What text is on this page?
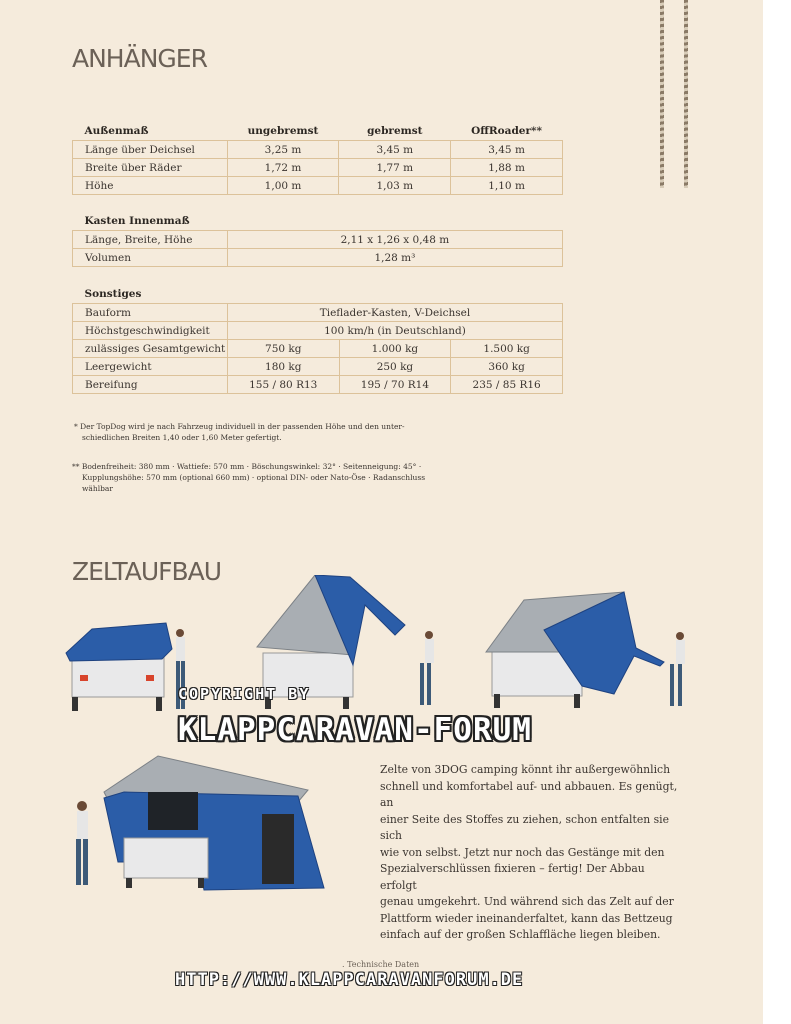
ANHÄNGER
Außenmaß	ungebremst	gebremst	OffRoader**
Länge über Deichsel	3,25 m	3,45 m	3,45 m
Breite über Räder	1,72 m	1,77 m	1,88 m
Höhe	1,00 m	1,03 m	1,10 m
Kasten Innenmaß	
Länge, Breite, Höhe	2,11 x 1,26 x 0,48 m
Volumen	1,28 m³
Sonstiges			
Bauform	Tieflader-Kasten, V-Deichsel		
Höchstgeschwindigkeit	100 km/h (in Deutschland)		
zulässiges Gesamtgewicht	750 kg	1.000 kg	1.500 kg
Leergewicht	180 kg	250 kg	360 kg
Bereifung	155 / 80 R13	195 / 70 R14	235 / 85 R16
* Der TopDog wird je nach Fahrzeug individuell in der passenden Höhe und den unter-
schiedlichen Breiten 1,40 oder 1,60 Meter gefertigt.
** Bodenfreiheit: 380 mm · Wattiefe: 570 mm · Böschungswinkel: 32° · Seitenneigung: 45° ·
Kupplungshöhe: 570 mm (optional 660 mm) · optional DIN- oder Nato-Öse · Radanschluss
wählbar
ZELTAUFBAU
Zelte von 3DOG camping könnt ihr außergewöhnlich
schnell und komfortabel auf- und abbauen. Es genügt, an
einer Seite des Stoffes zu ziehen, schon entfalten sie sich
wie von selbst. Jetzt nur noch das Gestänge mit den
Spezialverschlüssen fixieren – fertig! Der Abbau erfolgt
genau umgekehrt. Und während sich das Zelt auf der
Plattform wieder ineinanderfaltet, kann das Bettzeug
einfach auf der großen Schlaffläche liegen bleiben.
. Technische Daten
COPYRIGHT BY
KLAPPCARAVAN-FORUM
HTTP://WWW.KLAPPCARAVANFORUM.DE
